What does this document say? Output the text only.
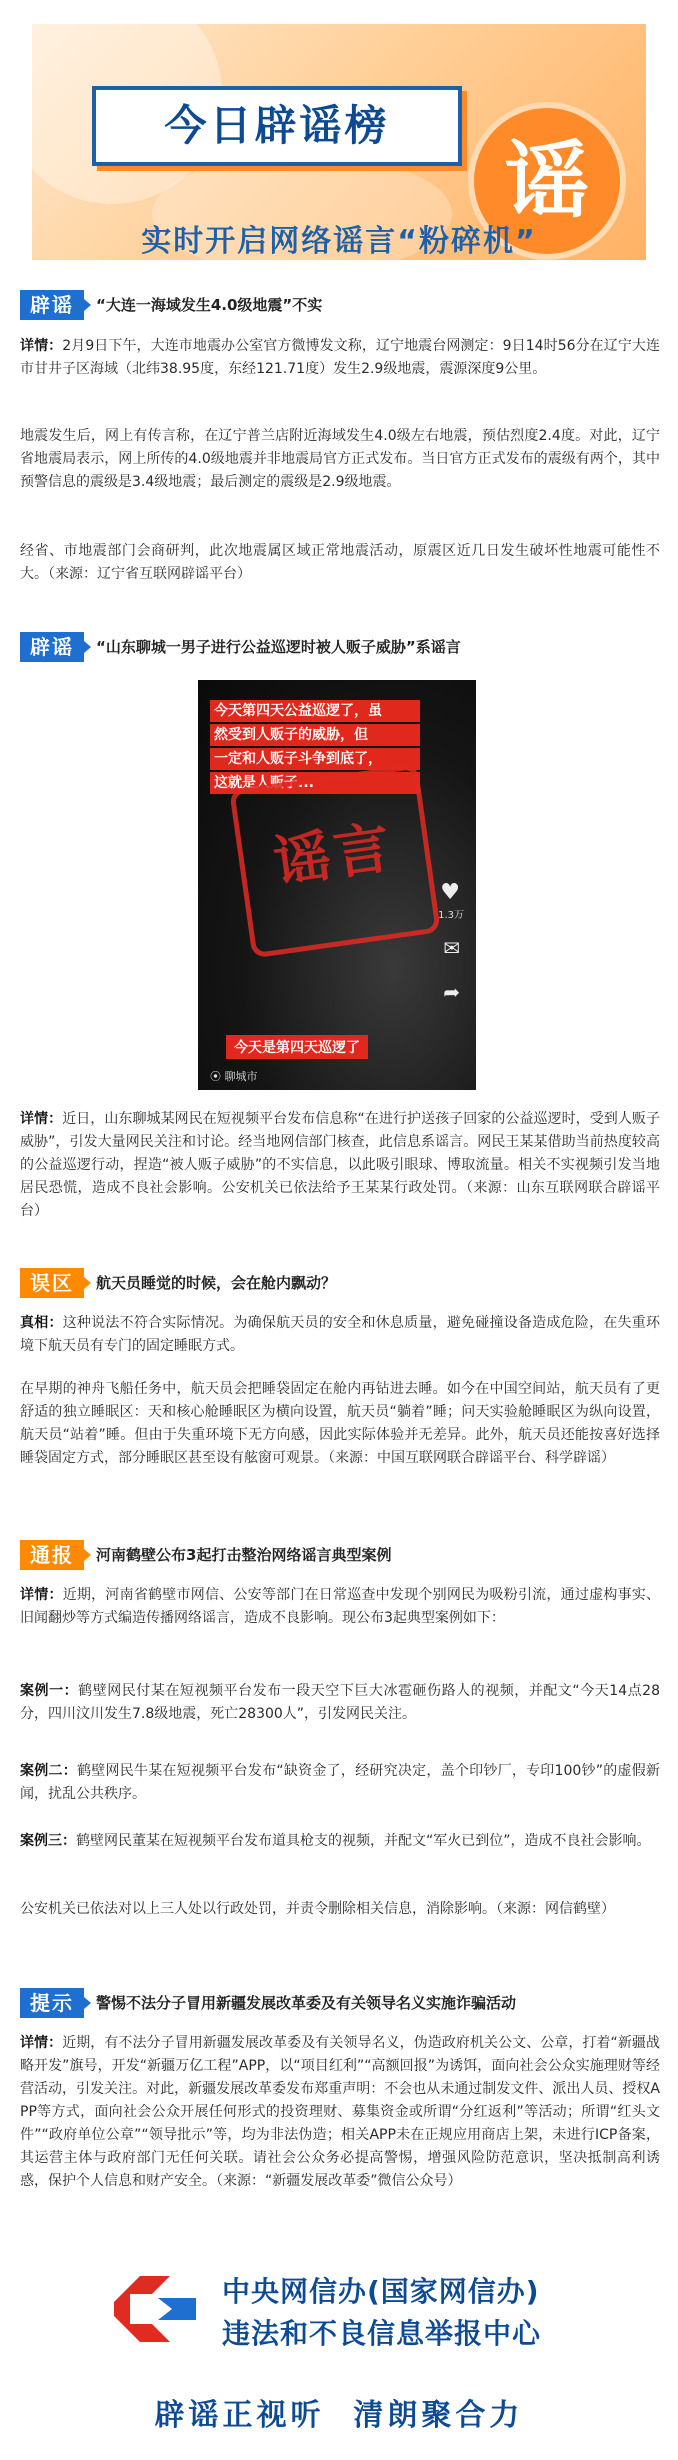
今日辟谣榜
谣
实时开启网络谣言“粉碎机”
辟谣	“大连一海域发生4.0级地震”不实

详情：2月9日下午，大连市地震办公室官方微博发文称，辽宁地震台网测定：9日14时56分在辽宁大连市甘井子区海域（北纬38.95度，东经121.71度）发生2.9级地震，震源深度9公里。

地震发生后，网上有传言称，在辽宁普兰店附近海域发生4.0级左右地震，预估烈度2.4度。对此，辽宁省地震局表示，网上所传的4.0级地震并非地震局官方正式发布。当日官方正式发布的震级有两个，其中预警信息的震级是3.4级地震；最后测定的震级是2.9级地震。

经省、市地震部门会商研判，此次地震属区域正常地震活动，原震区近几日发生破坏性地震可能性不大。（来源：辽宁省互联网辟谣平台）

辟谣	“山东聊城一男子进行公益巡逻时被人贩子威胁”系谣言
今天第四天公益巡逻了，虽
然受到人贩子的威胁，但
一定和人贩子斗争到底了，
这就是人贩子...
谣言	♥
1.3万
✉
➦
今天是第四天巡逻了
⦿ 聊城市

详情：近日，山东聊城某网民在短视频平台发布信息称“在进行护送孩子回家的公益巡逻时，受到人贩子威胁”，引发大量网民关注和讨论。经当地网信部门核查，此信息系谣言。网民王某某借助当前热度较高的公益巡逻行动，捏造“被人贩子威胁”的不实信息，以此吸引眼球、博取流量。相关不实视频引发当地居民恐慌，造成不良社会影响。公安机关已依法给予王某某行政处罚。（来源：山东互联网联合辟谣平台）

误区	航天员睡觉的时候，会在舱内飘动？

真相：这种说法不符合实际情况。为确保航天员的安全和休息质量，避免碰撞设备造成危险，在失重环境下航天员有专门的固定睡眠方式。

在早期的神舟飞船任务中，航天员会把睡袋固定在舱内再钻进去睡。如今在中国空间站，航天员有了更舒适的独立睡眠区：天和核心舱睡眠区为横向设置，航天员“躺着”睡；问天实验舱睡眠区为纵向设置，航天员“站着”睡。但由于失重环境下无方向感，因此实际体验并无差异。此外，航天员还能按喜好选择睡袋固定方式，部分睡眠区甚至设有舷窗可观景。（来源：中国互联网联合辟谣平台、科学辟谣）

通报	河南鹤壁公布3起打击整治网络谣言典型案例

详情：近期，河南省鹤壁市网信、公安等部门在日常巡查中发现个别网民为吸粉引流，通过虚构事实、旧闻翻炒等方式编造传播网络谣言，造成不良影响。现公布3起典型案例如下：

案例一：鹤壁网民付某在短视频平台发布一段天空下巨大冰雹砸伤路人的视频，并配文“今天14点28分，四川汶川发生7.8级地震，死亡28300人”，引发网民关注。

案例二：鹤壁网民牛某在短视频平台发布“缺资金了，经研究决定，盖个印钞厂，专印100钞”的虚假新闻，扰乱公共秩序。

案例三：鹤壁网民董某在短视频平台发布道具枪支的视频，并配文“军火已到位”，造成不良社会影响。

公安机关已依法对以上三人处以行政处罚，并责令删除相关信息，消除影响。（来源：网信鹤壁）

提示	警惕不法分子冒用新疆发展改革委及有关领导名义实施诈骗活动

详情：近期，有不法分子冒用新疆发展改革委及有关领导名义，伪造政府机关公文、公章，打着“新疆战略开发”旗号，开发“新疆万亿工程”APP，以“项目红利”“高额回报”为诱饵，面向社会公众实施理财等经营活动，引发关注。对此，新疆发展改革委发布郑重声明：不会也从未通过制发文件、派出人员、授权APP等方式，面向社会公众开展任何形式的投资理财、募集资金或所谓“分红返利”等活动；所谓“红头文件”“政府单位公章”“领导批示”等，均为非法伪造；相关APP未在正规应用商店上架，未进行ICP备案，其运营主体与政府部门无任何关联。请社会公众务必提高警惕，增强风险防范意识，坚决抵制高利诱惑，保护个人信息和财产安全。（来源：“新疆发展改革委”微信公众号）

中央网信办(国家网信办)
违法和不良信息举报中心
辟谣正视听  清朗聚合力
